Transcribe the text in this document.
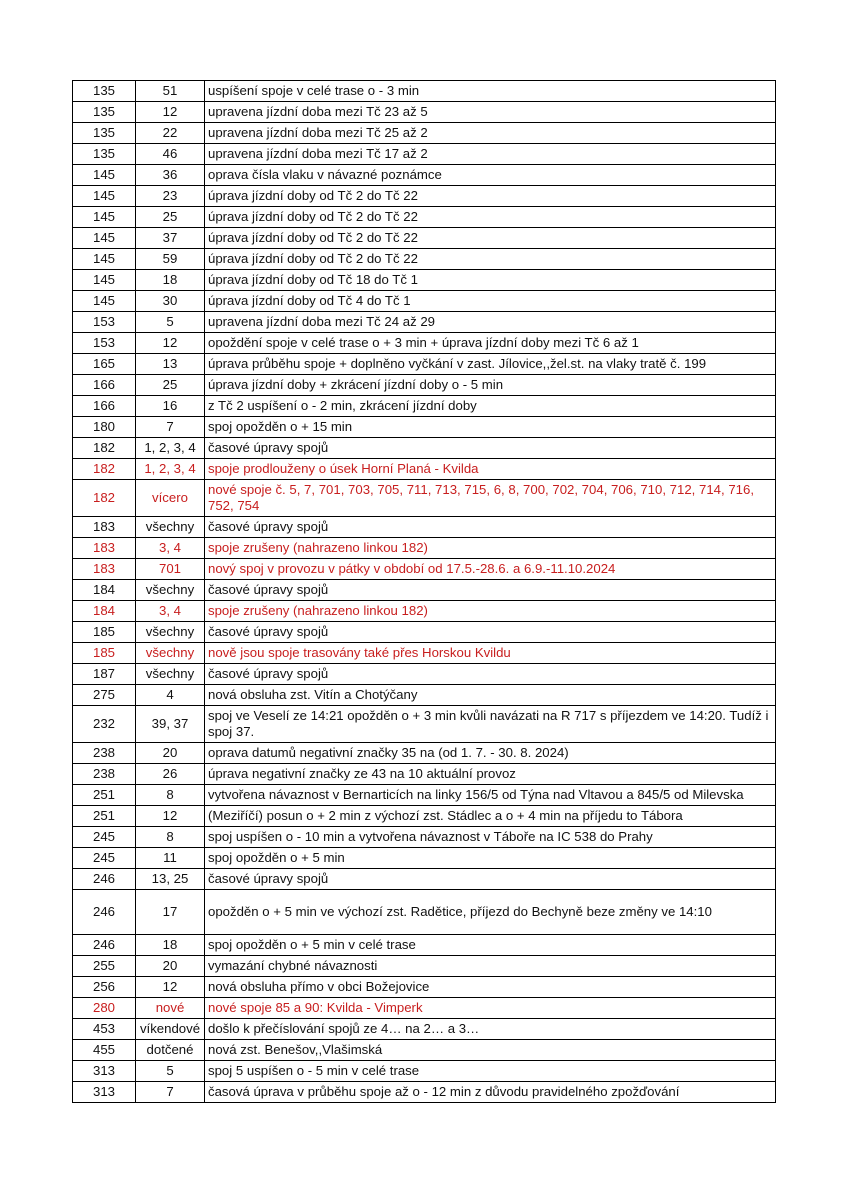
135	51	uspíšení spoje v celé trase o - 3 min
135	12	upravena jízdní doba mezi Tč 23 až 5
135	22	upravena jízdní doba mezi Tč 25 až 2
135	46	upravena jízdní doba mezi Tč 17 až 2
145	36	oprava čísla vlaku v návazné poznámce
145	23	úprava jízdní doby od Tč 2 do Tč 22
145	25	úprava jízdní doby od Tč 2 do Tč 22
145	37	úprava jízdní doby od Tč 2 do Tč 22
145	59	úprava jízdní doby od Tč 2 do Tč 22
145	18	úprava jízdní doby od Tč 18 do Tč 1
145	30	úprava jízdní doby od Tč 4 do Tč 1
153	5	upravena jízdní doba mezi Tč 24 až 29
153	12	opoždění spoje v celé trase o + 3 min + úprava jízdní doby mezi Tč 6 až 1
165	13	úprava průběhu spoje + doplněno vyčkání v zast. Jílovice,,žel.st. na vlaky tratě č. 199
166	25	úprava jízdní doby + zkrácení jízdní doby o - 5 min
166	16	z Tč 2 uspíšení o - 2 min, zkrácení jízdní doby
180	7	spoj opožděn o + 15 min
182	1, 2, 3, 4	časové úpravy spojů
182	1, 2, 3, 4	spoje prodlouženy o úsek Horní Planá - Kvilda
182	vícero	nové spoje č. 5, 7, 701, 703, 705, 711, 713, 715, 6, 8, 700, 702, 704, 706, 710, 712, 714, 716, 752, 754
183	všechny	časové úpravy spojů
183	3, 4	spoje zrušeny (nahrazeno linkou 182)
183	701	nový spoj v provozu v pátky v období od 17.5.-28.6. a 6.9.-11.10.2024
184	všechny	časové úpravy spojů
184	3, 4	spoje zrušeny (nahrazeno linkou 182)
185	všechny	časové úpravy spojů
185	všechny	nově jsou spoje trasovány také přes Horskou Kvildu
187	všechny	časové úpravy spojů
275	4	nová obsluha zst. Vitín a Chotýčany
232	39, 37	spoj ve Veselí ze 14:21 opožděn o + 3 min kvůli navázati na R 717 s příjezdem ve 14:20. Tudíž i spoj 37.
238	20	oprava datumů negativní značky 35 na (od 1. 7. - 30. 8. 2024)
238	26	úprava negativní značky ze 43 na 10 aktuální provoz
251	8	vytvořena návaznost v Bernarticích na linky 156/5 od Týna nad Vltavou a 845/5 od Milevska
251	12	(Meziříčí) posun o + 2 min z výchozí zst. Stádlec a o + 4 min na příjedu to Tábora
245	8	spoj uspíšen o - 10 min a vytvořena návaznost v Táboře na IC 538 do Prahy
245	11	spoj opožděn o + 5 min
246	13, 25	časové úpravy spojů
246	17	opožděn o + 5 min ve výchozí zst. Radětice, příjezd do Bechyně beze změny ve 14:10
246	18	spoj opožděn o + 5 min v celé trase
255	20	vymazání chybné návaznosti
256	12	nová obsluha přímo v obci Božejovice
280	nové	nové spoje 85 a 90: Kvilda - Vimperk
453	víkendové	došlo k přečíslování spojů ze 4… na 2… a 3…
455	dotčené	nová zst. Benešov,,Vlašimská
313	5	spoj 5 uspíšen o - 5 min v celé trase
313	7	časová úprava v průběhu spoje až o - 12 min z důvodu pravidelného zpožďování
